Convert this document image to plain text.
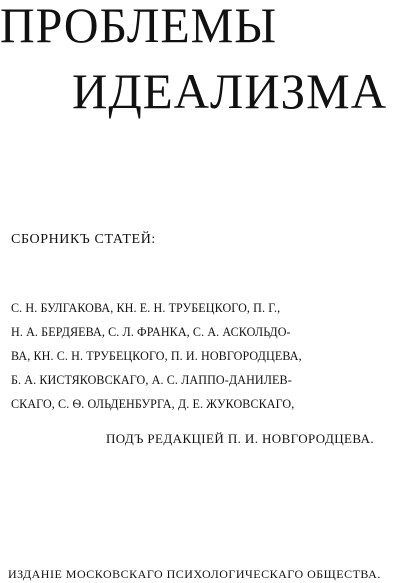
ПРОБЛЕМЫ
ИДЕАЛИЗМА
СБОРНИКЪ СТАТЕЙ:
С. Н. БУЛГАКОВА, КН. Е. Н. ТРУБЕЦКОГО, П. Г.,
Н. А. БЕРДЯЕВА, С. Л. ФРАНКА, С. А. АСКОЛЬДО-
ВА, КН. С. Н. ТРУБЕЦКОГО, П. И. НОВГОРОДЦЕВА,
Б. А. КИСТЯКОВСКАГО, А. С. ЛАППО-ДАНИЛЕВ-
СКАГО, С. Ѳ. ОЛЬДЕНБУРГА, Д. Е. ЖУКОВСКАГО,
ПОДЪ РЕДАКЦІЕЙ П. И. НОВГОРОДЦЕВА.
ИЗДАНІЕ МОСКОВСКАГО ПСИХОЛОГИЧЕСКАГО ОБЩЕСТВА.
